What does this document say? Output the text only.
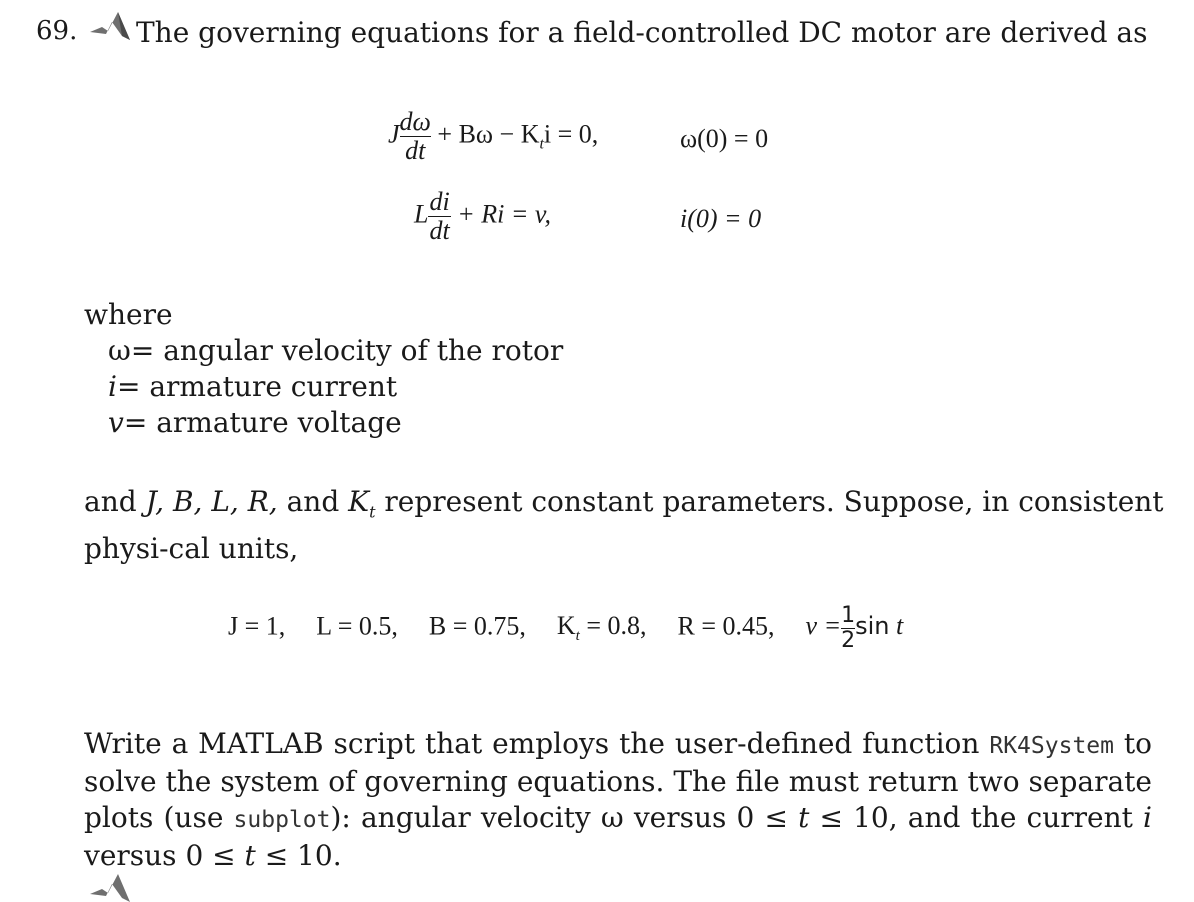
69. The governing equations for a field-controlled DC motor are derived as
J $\frac{d\omega}{dt} + B\omega - K_ti = 0$,	ω(0) = 0
L $\frac{di}{dt} + Ri = v$,	i(0) = 0
where
ω= angular velocity of the rotor
i= armature current
v= armature voltage
and J, B, L, R, and $K_t$ represent constant parameters. Suppose, in consistent physi-cal units,
J = 1, L = 0.5, B = 0.75, $K_t = 0.8$, R = 0.45, $v = \frac{1}{2}$ sin t
Write a MATLAB script that employs the user-defined function RK4System to solve the system of governing equations. The file must return two separate plots (use subplot): angular velocity ω versus 0 ≤ t ≤ 10, and the current i versus 0 ≤ t ≤ 10.
